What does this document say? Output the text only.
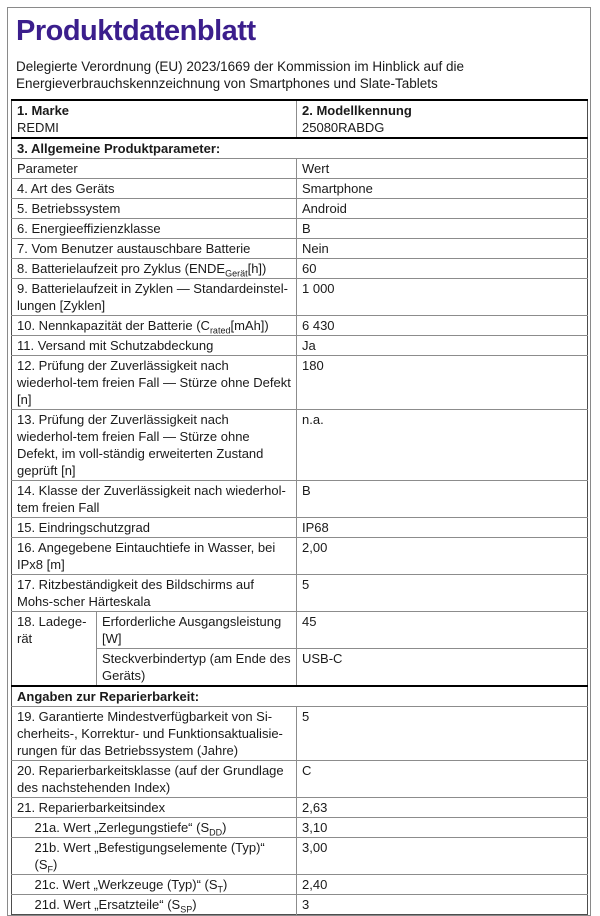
Produktdatenblatt
Delegierte Verordnung (EU) 2023/1669 der Kommission im Hinblick auf die Energieverbrauchskennzeichnung von Smartphones und Slate-Tablets
1. Marke
REDMI

2. Modellkennung
25080RABDG

3. Allgemeine Produktparameter:			
Parameter			Wert
4. Art des Geräts			Smartphone
5. Betriebssystem			Android
6. Energieeffizienzklasse			B
7. Vom Benutzer austauschbare Batterie			Nein
8. Batterielaufzeit pro Zyklus $(ENDE_{Gerät}[h])$			60
9. Batterielaufzeit in Zyklen — Standardeinstel-lungen [Zyklen]			1 000
10. Nennkapazität der Batterie $(C_{rated}[mAh])$			6 430
11. Versand mit Schutzabdeckung			Ja
12. Prüfung der Zuverlässigkeit nach wiederhol-tem freien Fall — Stürze ohne Defekt [n]			180
13. Prüfung der Zuverlässigkeit nach wiederhol-tem freien Fall — Stürze ohne Defekt, im voll-ständig erweiterten Zustand geprüft [n]			n.a.
14. Klasse der Zuverlässigkeit nach wiederhol-tem freien Fall			B
15. Eindringschutzgrad			IP68
16. Angegebene Eintauchtiefe in Wasser, bei IPx8 [m]			2,00
17. Ritzbeständigkeit des Bildschirms auf Mohs-scher Härteskala			5
18. Ladege-rät		Erforderliche Ausgangsleistung [W]	45
		Steckverbindertyp (am Ende des Geräts)	USB-C
Angaben zur Reparierbarkeit:			
19. Garantierte Mindestverfügbarkeit von Si-cherheits-, Korrektur- und Funktionsaktualisie-rungen für das Betriebssystem (Jahre)			5
20. Reparierbarkeitsklasse (auf der Grundlage des nachstehenden Index)			C
21. Reparierbarkeitsindex			2,63
	21a. Wert „Zerlegungstiefe“ $(S_{DD})$		3,10
	21b. Wert „Befestigungselemente (Typ)“ $(S_F)$		3,00
	21c. Wert „Werkzeuge (Typ)“ $(S_T)$		2,40
	21d. Wert „Ersatzteile“ $(S_{SP})$		3
